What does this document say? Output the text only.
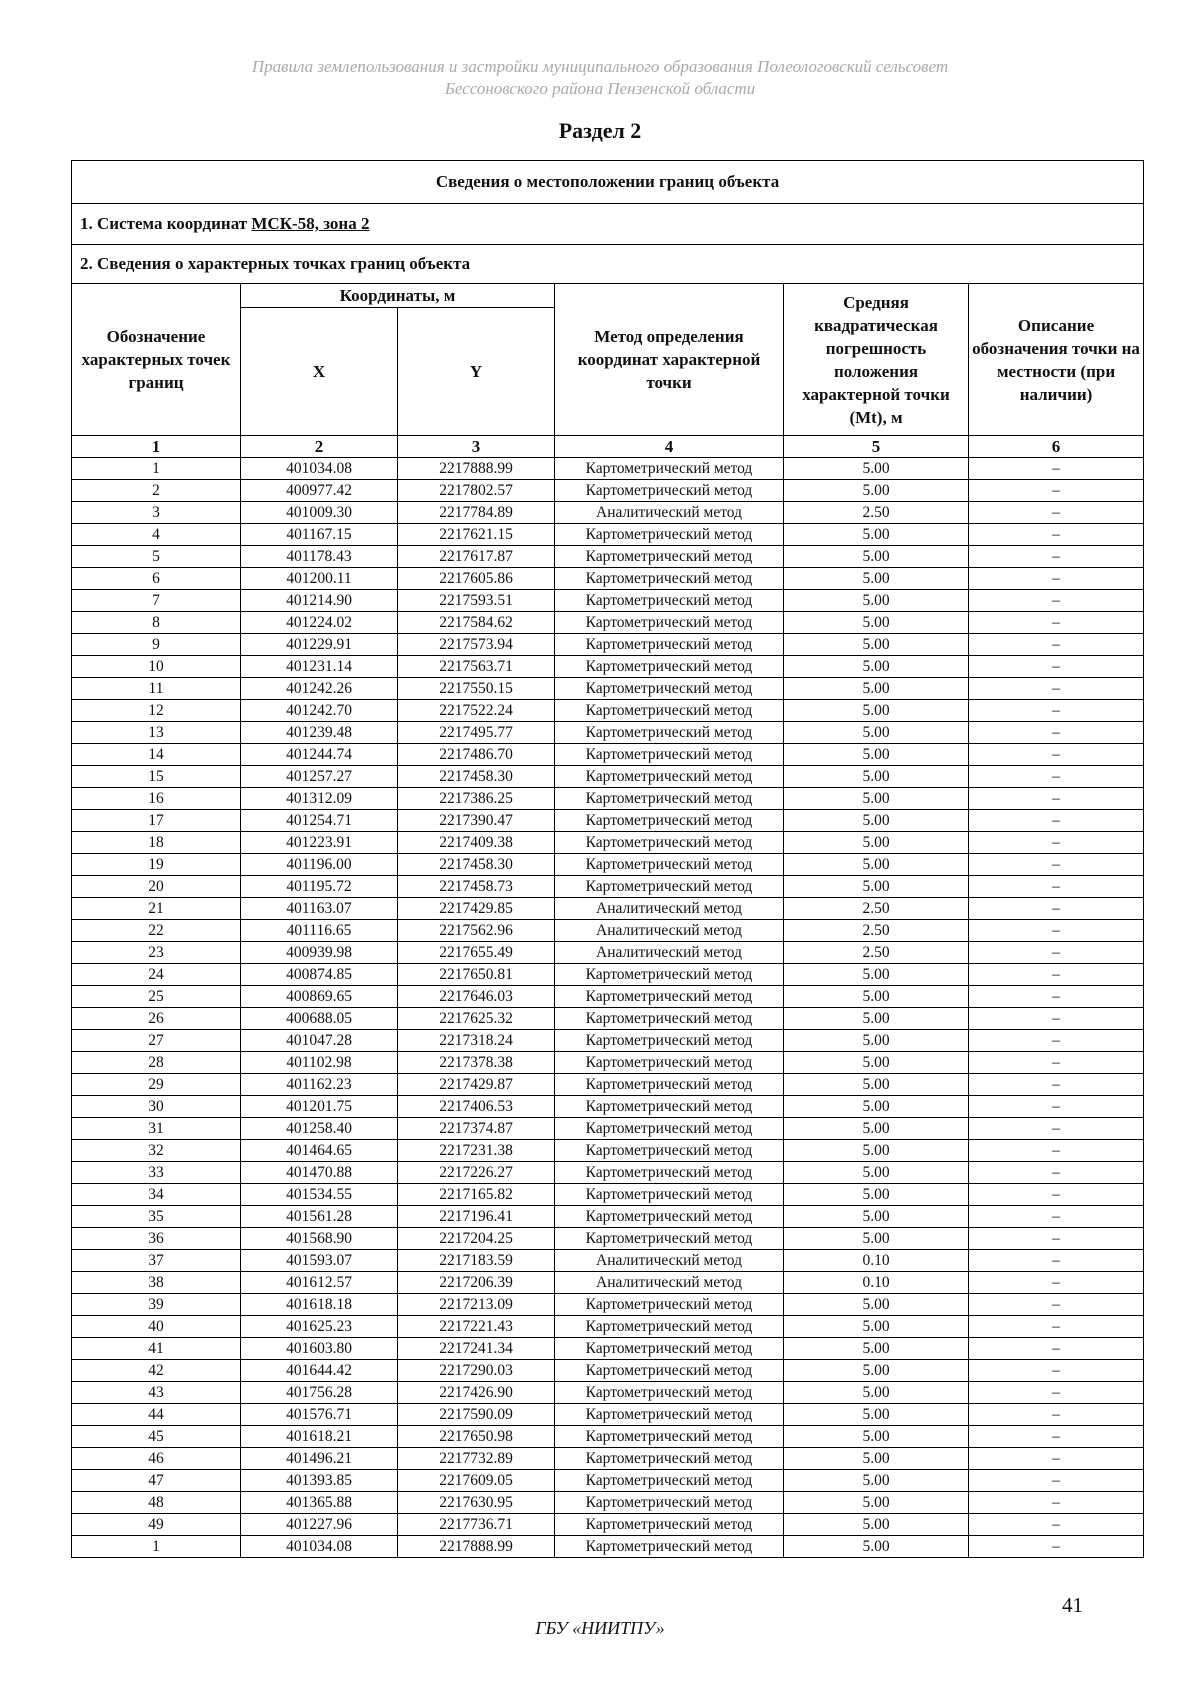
Правила землепользования и застройки муниципального образования Полеологовский сельсовет
Бессоновского района Пензенской области
Раздел 2
Сведения о местоположении границ объекта					
1. Система координат МСК-58, зона 2					
2. Сведения о характерных точках границ объекта					
Обозначение характерных точек границ	Координаты, м		Метод определения координат характерной точки	Средняя квадратическая погрешность положения характерной точки (Mt), м	Описание обозначения точки на местности (при наличии)
	X	Y			
1	2	3	4	5	6
1	401034.08	2217888.99	Картометрический метод	5.00	–
2	400977.42	2217802.57	Картометрический метод	5.00	–
3	401009.30	2217784.89	Аналитический метод	2.50	–
4	401167.15	2217621.15	Картометрический метод	5.00	–
5	401178.43	2217617.87	Картометрический метод	5.00	–
6	401200.11	2217605.86	Картометрический метод	5.00	–
7	401214.90	2217593.51	Картометрический метод	5.00	–
8	401224.02	2217584.62	Картометрический метод	5.00	–
9	401229.91	2217573.94	Картометрический метод	5.00	–
10	401231.14	2217563.71	Картометрический метод	5.00	–
11	401242.26	2217550.15	Картометрический метод	5.00	–
12	401242.70	2217522.24	Картометрический метод	5.00	–
13	401239.48	2217495.77	Картометрический метод	5.00	–
14	401244.74	2217486.70	Картометрический метод	5.00	–
15	401257.27	2217458.30	Картометрический метод	5.00	–
16	401312.09	2217386.25	Картометрический метод	5.00	–
17	401254.71	2217390.47	Картометрический метод	5.00	–
18	401223.91	2217409.38	Картометрический метод	5.00	–
19	401196.00	2217458.30	Картометрический метод	5.00	–
20	401195.72	2217458.73	Картометрический метод	5.00	–
21	401163.07	2217429.85	Аналитический метод	2.50	–
22	401116.65	2217562.96	Аналитический метод	2.50	–
23	400939.98	2217655.49	Аналитический метод	2.50	–
24	400874.85	2217650.81	Картометрический метод	5.00	–
25	400869.65	2217646.03	Картометрический метод	5.00	–
26	400688.05	2217625.32	Картометрический метод	5.00	–
27	401047.28	2217318.24	Картометрический метод	5.00	–
28	401102.98	2217378.38	Картометрический метод	5.00	–
29	401162.23	2217429.87	Картометрический метод	5.00	–
30	401201.75	2217406.53	Картометрический метод	5.00	–
31	401258.40	2217374.87	Картометрический метод	5.00	–
32	401464.65	2217231.38	Картометрический метод	5.00	–
33	401470.88	2217226.27	Картометрический метод	5.00	–
34	401534.55	2217165.82	Картометрический метод	5.00	–
35	401561.28	2217196.41	Картометрический метод	5.00	–
36	401568.90	2217204.25	Картометрический метод	5.00	–
37	401593.07	2217183.59	Аналитический метод	0.10	–
38	401612.57	2217206.39	Аналитический метод	0.10	–
39	401618.18	2217213.09	Картометрический метод	5.00	–
40	401625.23	2217221.43	Картометрический метод	5.00	–
41	401603.80	2217241.34	Картометрический метод	5.00	–
42	401644.42	2217290.03	Картометрический метод	5.00	–
43	401756.28	2217426.90	Картометрический метод	5.00	–
44	401576.71	2217590.09	Картометрический метод	5.00	–
45	401618.21	2217650.98	Картометрический метод	5.00	–
46	401496.21	2217732.89	Картометрический метод	5.00	–
47	401393.85	2217609.05	Картометрический метод	5.00	–
48	401365.88	2217630.95	Картометрический метод	5.00	–
49	401227.96	2217736.71	Картометрический метод	5.00	–
1	401034.08	2217888.99	Картометрический метод	5.00	–
41
ГБУ «НИИТПУ»
